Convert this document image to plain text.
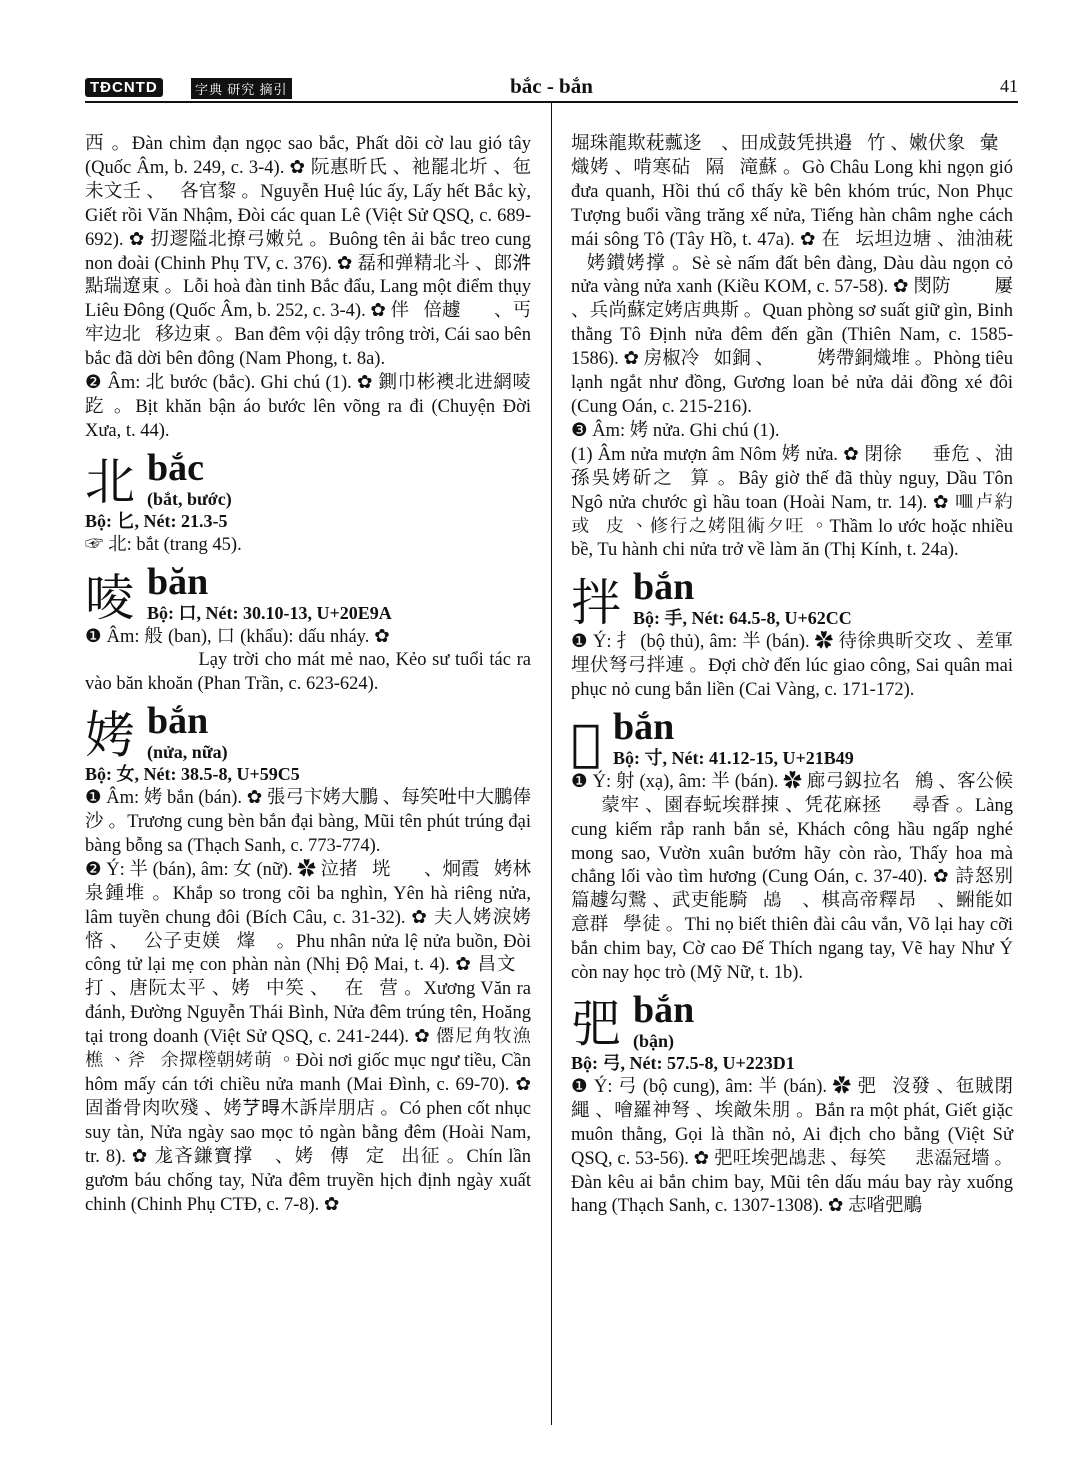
TĐCNTD	字典 研究 摘引	bắc - bắn	41

西 。Đàn chìm đạn ngọc sao bắc, Phất dõi cờ lau gió tây (Quốc Âm, b. 249, c. 3-4). ✿ 阮惠昕氏 、祂罷北圻 、㐌未文壬 、𦋦各官黎 。Nguyễn Huệ lúc ấy, Lấy hết Bắc kỳ, Giết rồi Văn Nhậm, Đòi các quan Lê (Việt Sử QSQ, c. 689-692). ✿ 㧅䢧隘北撩弓嫩兑 。Buông tên ải bắc treo cung non đoài (Chinh Phụ TV, c. 376). ✿ 磊和弹精北斗 、郎𣴓點瑞遼東 。Lỗi hoà đàn tinh Bắc đẩu, Lang một điểm thụy Liêu Đông (Quốc Âm, b. 252, c. 3-4). ✿ 伴𣋁倍䟊𨣥𡗶 、丐牢边北𡨌移边東 。Ban đêm vội dậy trông trời, Cái sao bên bắc đã dời bên đông (Nam Phong, t. 8a).

❷ Âm: 北 bước (bắc). Ghi chú (1). ✿ 鍘巾彬襖北进網㖫趷 。Bịt khăn bận áo bước lên võng ra đi (Chuyện Đời Xưa, t. 44).

北 bắc
(bắt, bước)

Bộ: 匕, Nét: 21.3-5

☞ 北: bắt (trang 45).

㖫 băn
Bộ: 口, Nét: 30.10-13, U+20E9A

❶ Âm: 般 (ban), 口 (khẩu): dấu nháy. ✿ 𥚄𡗶朱沫渼𫎇 、嬌師歲作畨𠫾㖫嘵 。Lạy trời cho mát mẻ nao, Kẻo sư tuổi tác ra vào băn khoăn (Phan Trần, c. 623-624).

㛈 bắn
(nửa, nữa)

Bộ: 女, Nét: 38.5-8, U+59C5

❶ Âm: 㛈 bắn (bán). ✿ 張弓卞㛈大鵬 、每笶𠱊中大鵬俸沙 。Trương cung bèn bắn đại bàng, Mũi tên phút trúng đại bàng bỗng sa (Thạch Sanh, c. 773-774).

❷ Ý: 半 (bán), âm: 女 (nữ). ✿ 泣㨋𨉓垙𠀧𠦳 、炯霞𥠯㛈林泉鍾堆 。Khắp so trong cõi ba nghìn, Yên hà riêng nửa, lâm tuyền chung đôi (Bích Câu, c. 31-32). ✿ 夫人㛈淚㛈悋 、𦋦公子吏媄𩈘㷨𡛔 。Phu nhân nửa lệ nửa buồn, Đòi công tử lại mẹ con phàn nàn (Nhị Độ Mai, t. 4). ✿ 昌文𩈘打 、唐阮太平 、㛈𣋁中笶 、𧷺在𦀊营 。Xương Văn ra đánh, Đường Nguyễn Thái Bình, Nửa đêm trúng tên, Hoăng tại trong doanh (Việt Sử QSQ, c. 241-244). ✿ 𠎣尼角牧漁樵 、斧𢵯余𢶢𣝃朝㛈萌 。Đòi nơi giốc mục ngư tiều, Cần hôm mấy cán tới chiều nửa manh (Mai Đình, c. 69-70). ✿ 固畨骨肉吹殘 、㛈𦫼𣈜木訴岸朋店 。Có phen cốt nhục suy tàn, Nửa ngày sao mọc tỏ ngàn bằng đêm (Hoài Nam, tr. 8). ✿ 尨吝鎌寶撑𢬣 、㛈𣋁傳𣘃定𣈜出征 。Chín lần gươm báu chống tay, Nửa đêm truyền hịch định ngày xuất chinh (Chinh Phụ CTĐ, c. 7-8). ✿

堀珠龍欺萙䕯迻𢴑 、田成鼓凭拱邉𦹵竹 、嫩伏象𥆂彙𦘧熾㛈 、啃寒砧𣓿隔𠬠滝蘇 。Gò Châu Long khi ngọn gió đưa quanh, Hồi thú cổ thấy kề bên khóm trúc, Non Phục Tượng buổi vầng trăng xế nửa, Tiếng hàn châm nghe cách mái sông Tô (Tây Hồ, t. 47a). ✿ 在𡓁坛坦边塘 、油油萙𩈘㛈鑚㛈撑 。Sè sè nấm đất bên đàng, Dàu dàu ngọn cỏ nửa vàng nửa xanh (Kiều KOM, c. 57-58). ✿ 閔防𨅸𠯪𥶄屢 、兵尚蘇定㛈店典斯 。Quan phòng sơ suất giữ gìn, Binh thằng Tô Định nửa đêm đến gần (Thiên Nam, c. 1585-1586). ✿ 房椒冷𠺥如銅 、𤾓𩇢𢩽㛈帶銅熾堆 。Phòng tiêu lạnh ngắt như đồng, Gương loan bẻ nửa dải đồng xé đôi (Cung Oán, c. 215-216).

❸ Âm: 㛈 nửa. Ghi chú (1).

(1) Âm nửa mượn âm Nôm 㛈 nửa. ✿ 閉徐𠆳𡨌垂危 、油孫吳㛈斫之𠈺算 。Bây giờ thế đã thùy nguy, Dầu Tôn Ngô nửa chước gì hầu toan (Hoài Nam, tr. 14). ✿ 𠰘卢約或𦁼皮 、修行之㛈阻術夕㕵 。Thầm lo ước hoặc nhiều bề, Tu hành chi nửa trở về làm ăn (Thị Kính, t. 24a).

拌 bắn
Bộ: 手, Nét: 64.5-8, U+62CC

❶ Ý: 扌 (bộ thủ), âm: 半 (bán). ✿ 待徐典昕交攻 、差軍埋伏弩弓拌連 。Đợi chờ đến lúc giao công, Sai quân mai phục nỏ cung bắn liền (Cai Vàng, c. 171-172).

𡭉 bắn
Bộ: 寸, Nét: 41.12-15, U+21B49

❶ Ý: 射 (xạ), âm: 半 (bán). ✿ 廊弓釼拉名𡭉鴘 、客公候𥄭𥋳蒙牢 、園春蚖埃群㨂 、凭花麻拯𡏦𠫾尋香 。Làng cung kiếm rắp ranh bắn sẻ, Khách công hầu ngấp nghé mong sao, Vườn xuân bướm hãy còn rào, Thấy hoa mà chẳng lối vào tìm hương (Cung Oán, c. 37-40). ✿ 詩怒别篇䟊勾𪇂 、武吏能騎𡭉𪀄𢹣 、棋高帝釋昂𢬣 、𩷺能如意群𠳨學徒 。Thi nọ biết thiên đài câu vắn, Võ lại hay cỡi bắn chim bay, Cờ cao Đế Thích ngang tay, Vẽ hay Như Ý còn nay học trò (Mỹ Nữ, t. 1b).

弝 bắn
(bận)

Bộ: 弓, Nét: 57.5-8, U+223D1

❶ Ý: 弓 (bộ cung), âm: 半 (bán). ✿ 弝𩈘沒發 、㐌賊閉繩 、噲羅神弩 、埃敵朱朋 。Bắn ra một phát, Giết giặc muôn thằng, Gọi là thần nỏ, Ai địch cho bằng (Việt Sử QSQ, c. 53-56). ✿ 弝㕵埃弝𪀄悲 、每笶𨆝𣻆悲𤂬冠墻 。Đàn kêu ai bắn chim bay, Mũi tên dấu máu bay rày xuống hang (Thạch Sanh, c. 1307-1308). ✿ 志㗂弝鵰
